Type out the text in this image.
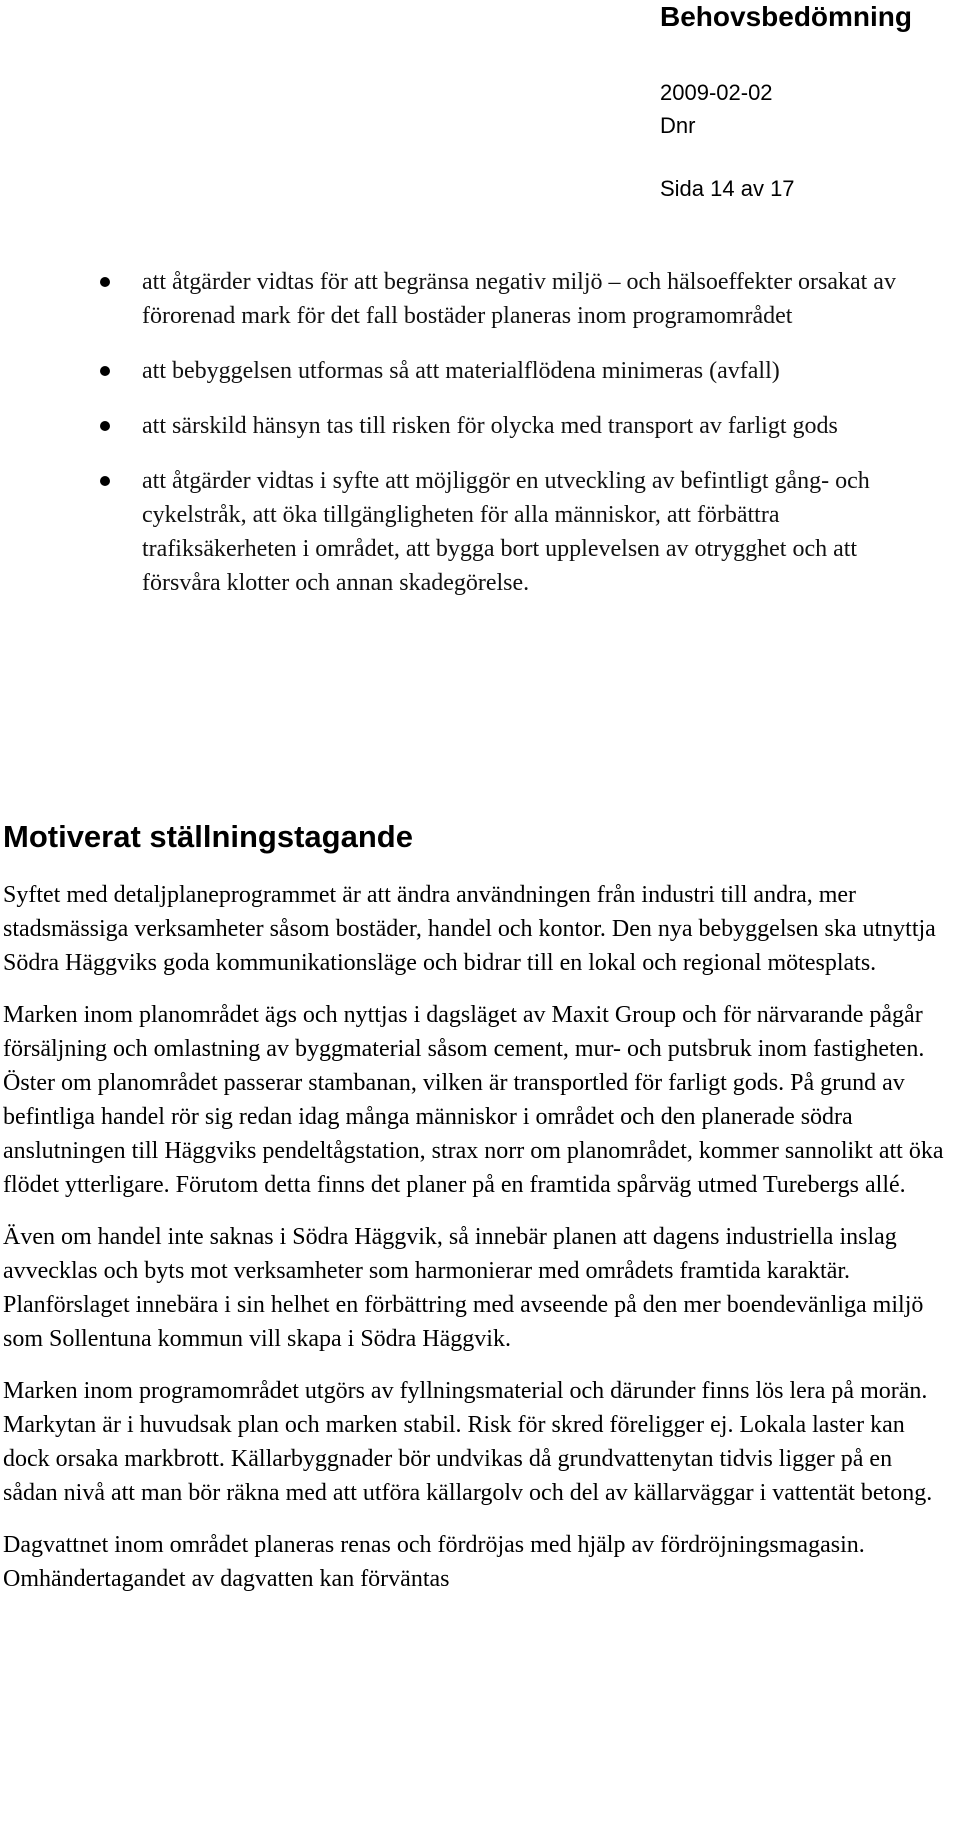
Behovsbedömning
2009-02-02
Dnr
Sida 14 av 17
att åtgärder vidtas för att begränsa negativ miljö – och hälsoeffekter orsakat av förorenad mark för det fall bostäder planeras inom programområdet
att bebyggelsen utformas så att materialflödena minimeras (avfall)
att särskild hänsyn tas till risken för olycka med transport av farligt gods
att åtgärder vidtas i syfte att möjliggör en utveckling av befintligt gång- och cykelstråk, att öka tillgängligheten för alla människor, att förbättra trafiksäkerheten i området, att bygga bort upplevelsen av otrygghet och att försvåra klotter och annan skadegörelse.
Motiverat ställningstagande

Syftet med detaljplaneprogrammet är att ändra användningen från industri till andra, mer stadsmässiga verksamheter såsom bostäder, handel och kontor. Den nya bebyggelsen ska utnyttja Södra Häggviks goda kommunikationsläge och bidrar till en lokal och regional mötesplats.

Marken inom planområdet ägs och nyttjas i dagsläget av Maxit Group och för närvarande pågår försäljning och omlastning av byggmaterial såsom cement, mur- och putsbruk inom fastigheten. Öster om planområdet passerar stambanan, vilken är transportled för farligt gods. På grund av befintliga handel rör sig redan idag många människor i området och den planerade södra anslutningen till Häggviks pendeltågstation, strax norr om planområdet, kommer sannolikt att öka flödet ytterligare. Förutom detta finns det planer på en framtida spårväg utmed Turebergs allé.

Även om handel inte saknas i Södra Häggvik, så innebär planen att dagens industriella inslag avvecklas och byts mot verksamheter som harmonierar med områdets framtida karaktär. Planförslaget innebära i sin helhet en förbättring med avseende på den mer boendevänliga miljö som Sollentuna kommun vill skapa i Södra Häggvik.

Marken inom programområdet utgörs av fyllningsmaterial och därunder finns lös lera på morän. Markytan är i huvudsak plan och marken stabil. Risk för skred föreligger ej. Lokala laster kan dock orsaka markbrott. Källarbyggnader bör undvikas då grundvattenytan tidvis ligger på en sådan nivå att man bör räkna med att utföra källargolv och del av källarväggar i vattentät betong.

Dagvattnet inom området planeras renas och fördröjas med hjälp av fördröjningsmagasin. Omhändertagandet av dagvatten kan förväntas
